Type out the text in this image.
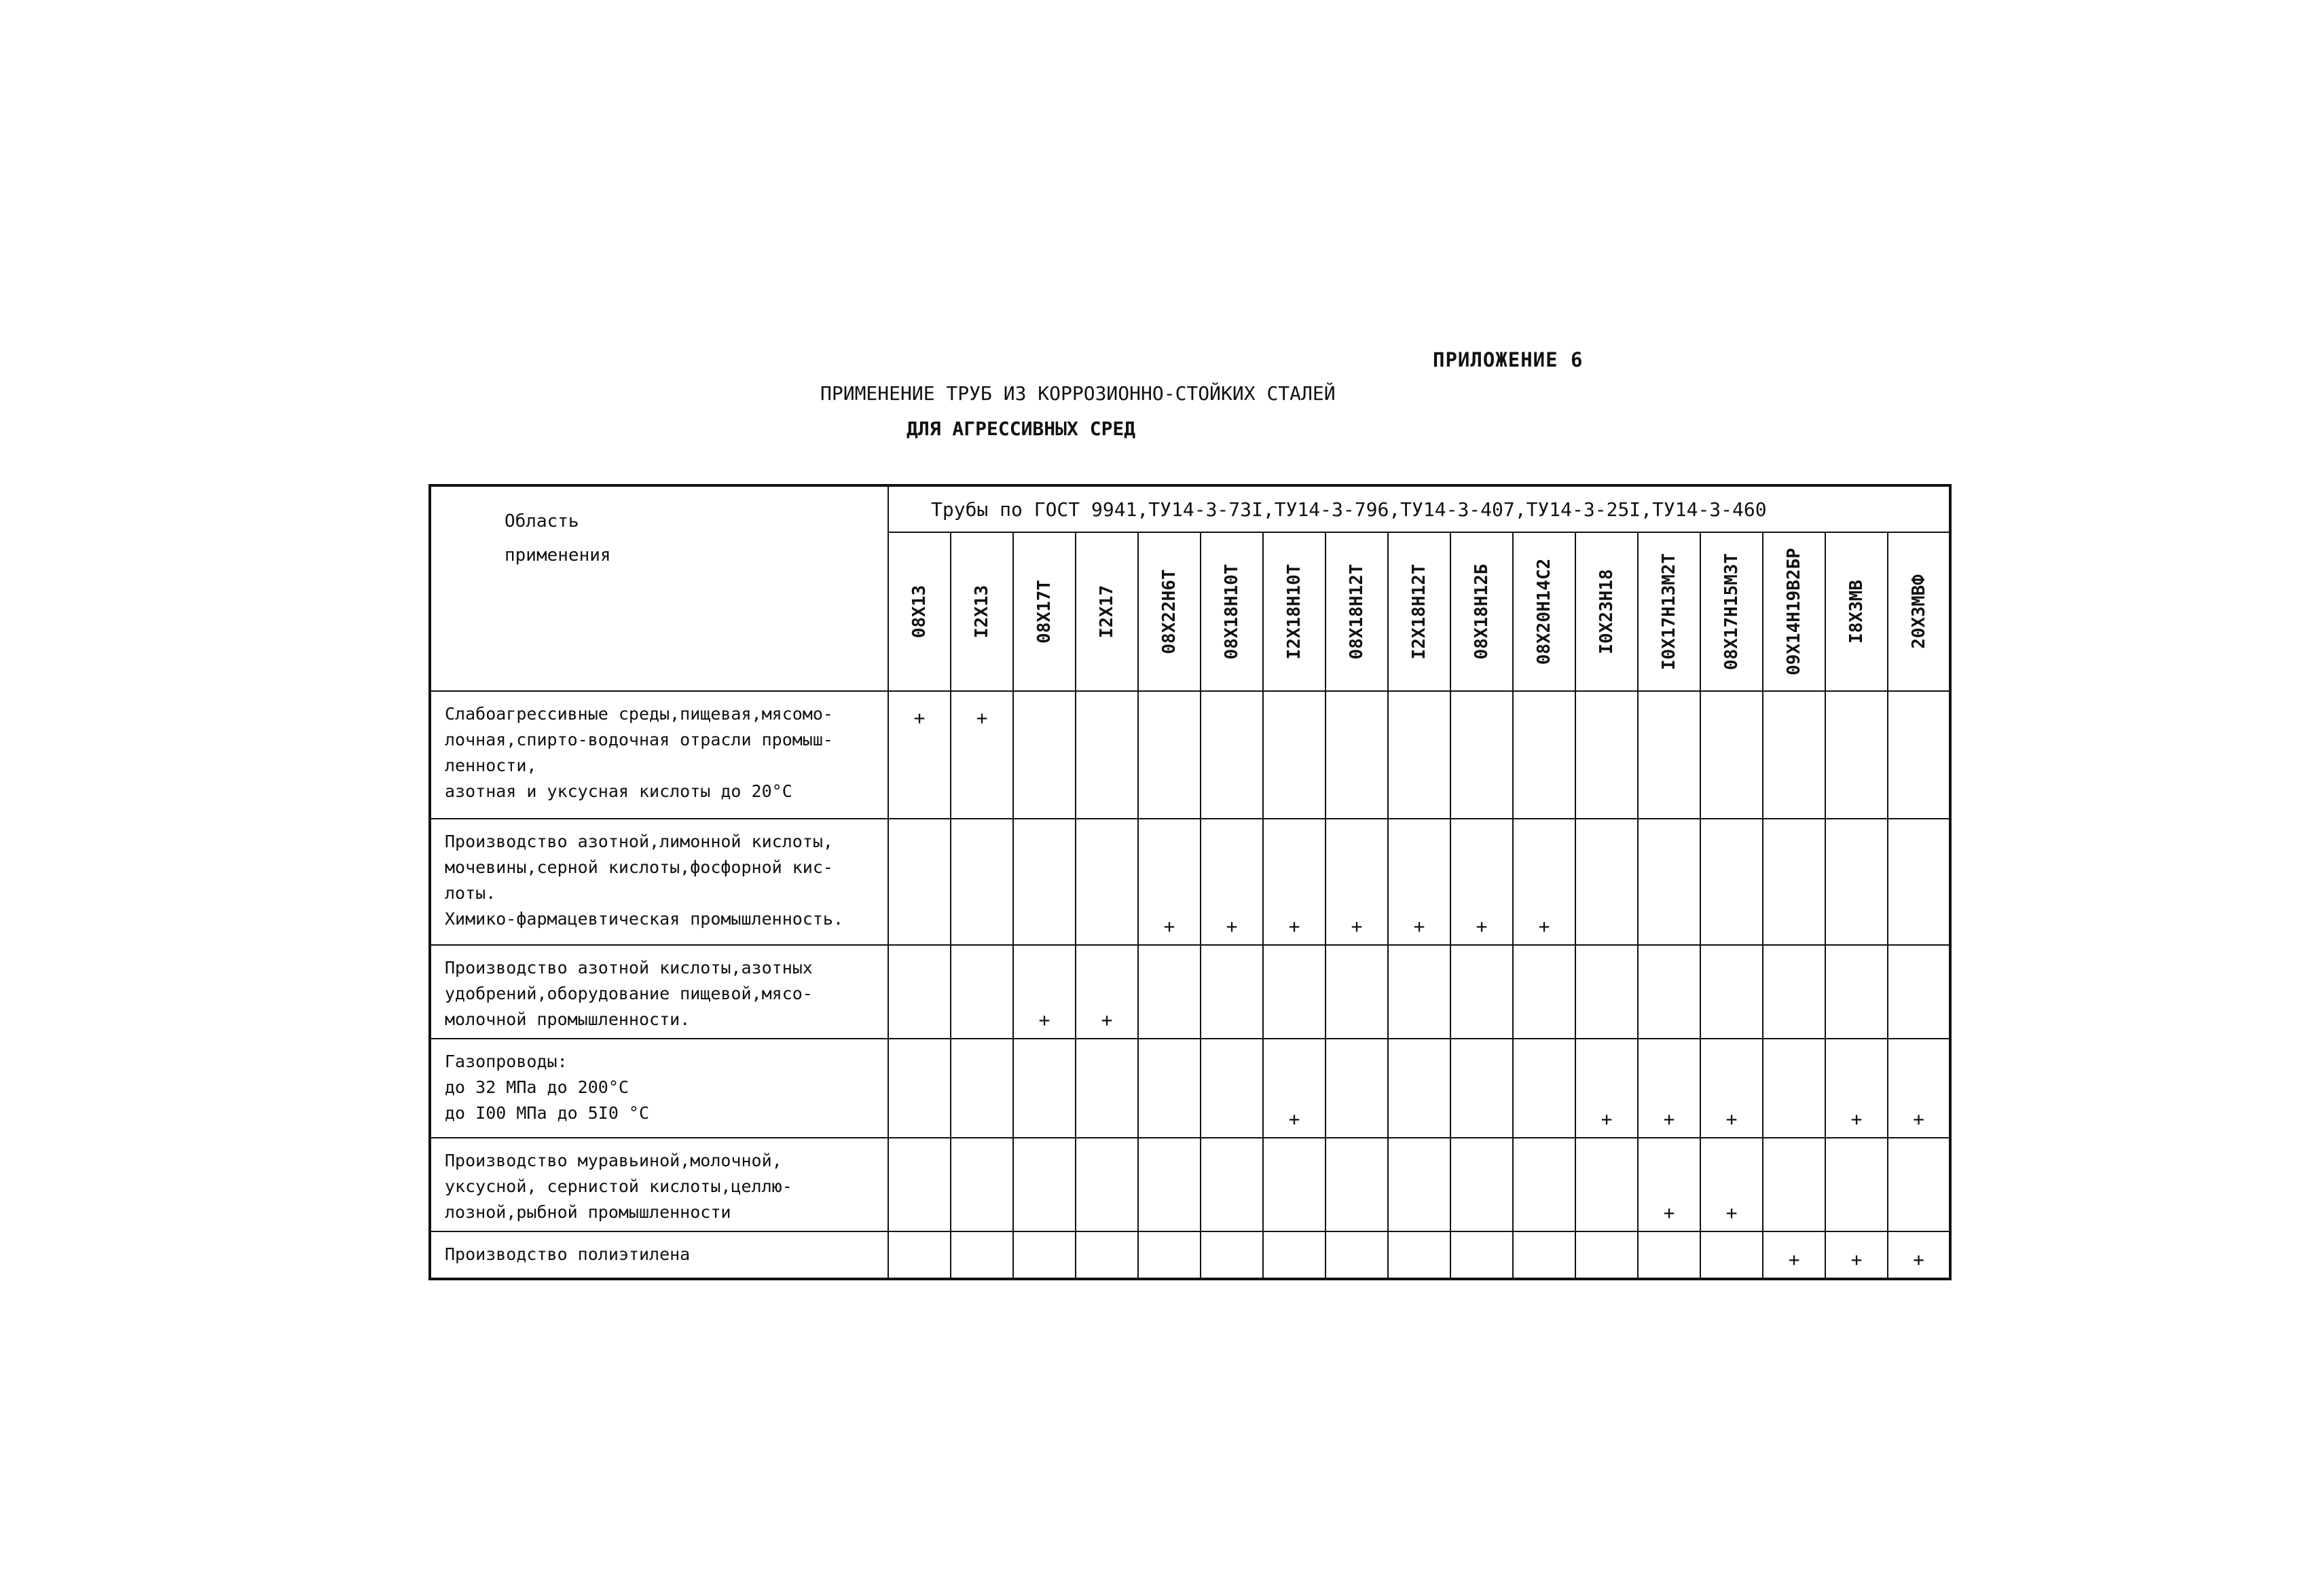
ПРИЛОЖЕНИЕ 6
ПРИМЕНЕНИЕ ТРУБ ИЗ КОРРОЗИОННО-СТОЙКИХ СТАЛЕЙ
ДЛЯ АГРЕССИВНЫХ СРЕД
Область
применения	Трубы по ГОСТ 9941,ТУ14-3-73I,ТУ14-3-796,ТУ14-3-407,ТУ14-3-25I,ТУ14-3-460																

	08Х13	I2Х13	08Х17Т	I2Х17	08Х22Н6Т	08Х18Н10Т	I2Х18Н10Т	08Х18Н12Т	I2Х18Н12Т	08Х18Н12Б	08Х20Н14С2	I0Х23Н18	I0Х17Н13М2Т	08Х17Н15М3Т	09Х14Н19В2БР	I8Х3МВ	20Х3МВФ

Слабоагрессивные среды,пищевая,мясомо-
лочная,спирто-водочная отрасли промыш-
ленности,
азотная и уксусная кислоты до 20°С	+	+															

Производство азотной,лимонной кислоты,
мочевины,серной кислоты,фосфорной кис-
лоты.
Химико-фармацевтическая промышленность.					+	+	+	+	+	+	+						

Производство азотной кислоты,азотных
удобрений,оборудование пищевой,мясо-
молочной промышленности.			+	+													

Газопроводы:
до 32 МПа до 200°С
до I00 МПа до 5I0 °С							+					+	+	+		+	+

Производство муравьиной,молочной,
уксусной, сернистой кислоты,целлю-
лозной,рыбной промышленности													+	+			

Производство полиэтилена															+	+	+
